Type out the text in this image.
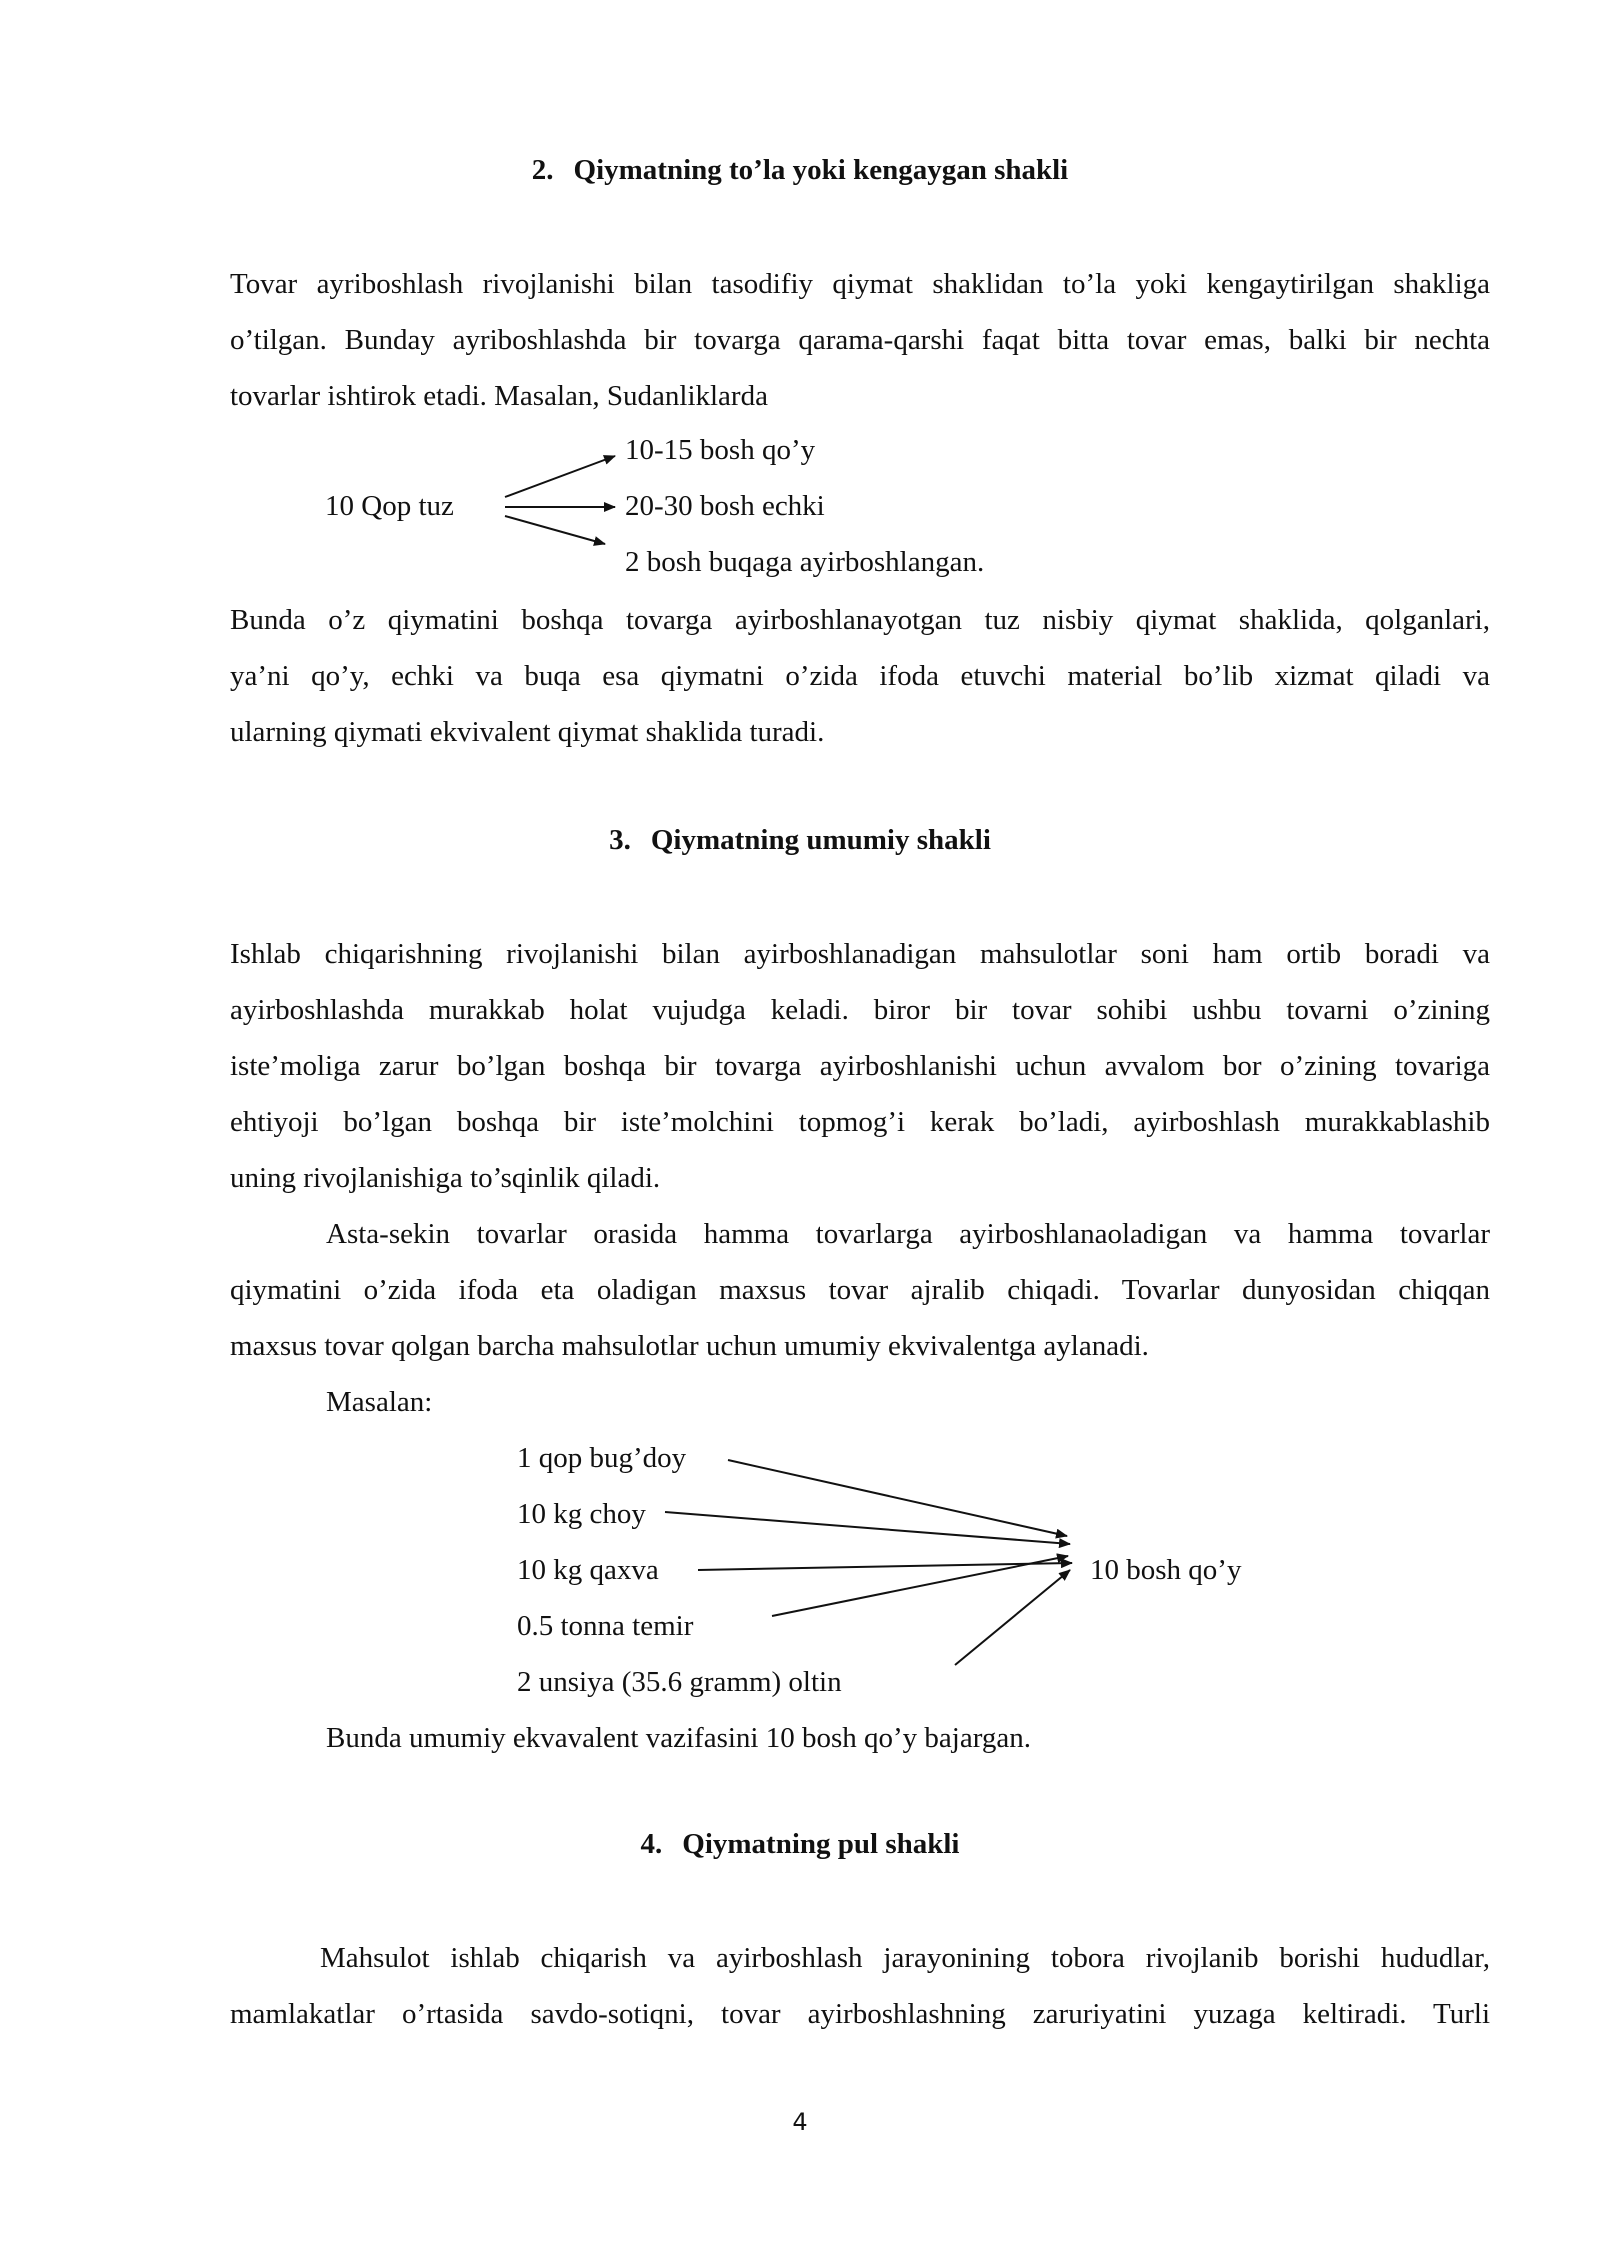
2. Qiymatning to’la yoki kengaygan shakli

Tovar ayriboshlash rivojlanishi bilan tasodifiy qiymat shaklidan to’la yoki kengaytirilgan shakliga
o’tilgan. Bunday ayriboshlashda bir tovarga qarama-qarshi faqat bitta tovar emas, balki bir nechta
tovarlar ishtirok etadi. Masalan, Sudanliklarda

10 Qop tuz
10-15 bosh qo’y
20-30 bosh echki
2 bosh buqaga ayirboshlangan.

Bunda o’z qiymatini boshqa tovarga ayirboshlanayotgan tuz nisbiy qiymat shaklida, qolganlari,
ya’ni qo’y, echki va buqa esa qiymatni o’zida ifoda etuvchi material bo’lib xizmat qiladi va
ularning qiymati ekvivalent qiymat shaklida turadi.

3. Qiymatning umumiy shakli

Ishlab chiqarishning rivojlanishi bilan ayirboshlanadigan mahsulotlar soni ham ortib boradi va
ayirboshlashda murakkab holat vujudga keladi. biror bir tovar sohibi ushbu tovarni o’zining
iste’moliga zarur bo’lgan boshqa bir tovarga ayirboshlanishi uchun avvalom bor o’zining tovariga
ehtiyoji bo’lgan boshqa bir iste’molchini topmog’i kerak bo’ladi, ayirboshlash murakkablashib
uning rivojlanishiga to’sqinlik qiladi.

Asta-sekin tovarlar orasida hamma tovarlarga ayirboshlanaoladigan va hamma tovarlar
qiymatini o’zida ifoda eta oladigan maxsus tovar ajralib chiqadi. Tovarlar dunyosidan chiqqan
maxsus tovar qolgan barcha mahsulotlar uchun umumiy ekvivalentga aylanadi.

Masalan:
1 qop bug’doy
10 kg choy
10 kg qaxva
0.5 tonna temir
2 unsiya (35.6 gramm) oltin
10 bosh qo’y
Bunda umumiy ekvavalent vazifasini 10 bosh qo’y bajargan.
4. Qiymatning pul shakli

Mahsulot ishlab chiqarish va ayirboshlash jarayonining tobora rivojlanib borishi hududlar,
mamlakatlar o’rtasida savdo-sotiqni, tovar ayirboshlashning zaruriyatini yuzaga keltiradi. Turli

4
